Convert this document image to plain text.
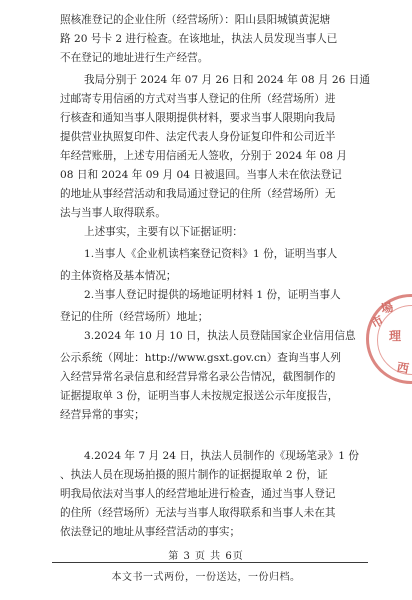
照核准登记的企业住所（经营场所）：阳山县阳城镇黄泥塘
路 20 号卡 2 进行检查。在该地址，执法人员发现当事人已
不在登记的地址进行生产经营。
我局分别于 2024 年 07 月 26 日和 2024 年 08 月 26 日通
过邮寄专用信函的方式对当事人登记的住所（经营场所）进
行核查和通知当事人限期提供材料，要求当事人限期向我局
提供营业执照复印件、法定代表人身份证复印件和公司近半
年经营账册，上述专用信函无人签收，分别于 2024 年 08 月
08 日和 2024 年 09 月 04 日被退回。当事人未在依法登记
的地址从事经营活动和我局通过登记的住所（经营场所）无
法与当事人取得联系。
上述事实，主要有以下证据证明：
1.当事人《企业机读档案登记资料》1 份，证明当事人
的主体资格及基本情况；
2.当事人登记时提供的场地证明材料 1 份，证明当事人
登记的住所（经营场所）地址；
3.2024 年 10 月 10 日，执法人员登陆国家企业信用信息
公示系统（网址：http://www.gsxt.gov.cn）查询当事人列
入经营异常名录信息和经营异常名录公告情况，截图制作的
证据提取单 3 份，证明当事人未按规定报送公示年度报告，
经营异常的事实；
4.2024 年 7 月 24 日，执法人员制作的《现场笔录》1 份
、执法人员在现场拍摄的照片制作的证据提取单 2 份，证
明我局依法对当事人的经营地址进行检查，通过当事人登记
的住所（经营场所）无法与当事人取得联系和当事人未在其
依法登记的地址从事经营活动的事实；
市
場
理
西
第 3 页 共 6页
本文书一式两份，一份送达，一份归档。
